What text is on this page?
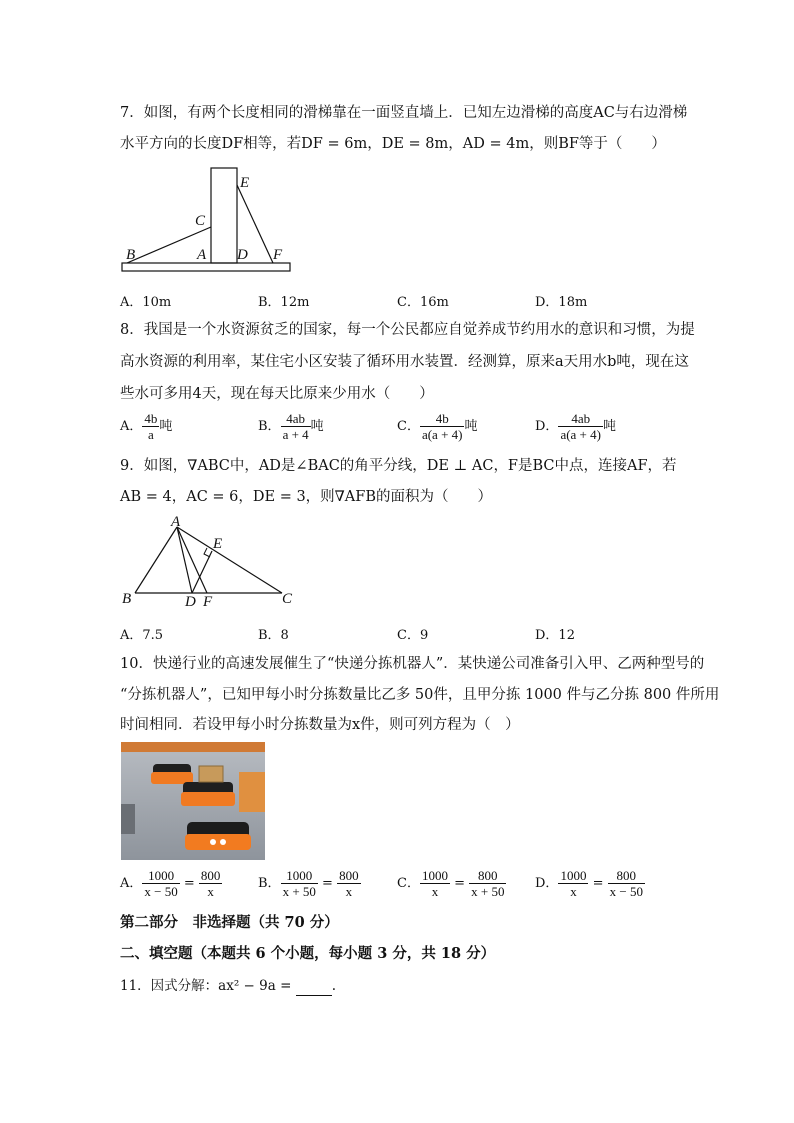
7．如图，有两个长度相同的滑梯靠在一面竖直墙上．已知左边滑梯的高度AC与右边滑梯
水平方向的长度DF相等，若DF = 6m，DE = 8m，AD = 4m，则BF等于（　　）
E
C
B	A D F
A．10m	B．12m	C．16m	D．18m
8．我国是一个水资源贫乏的国家，每一个公民都应自觉养成节约用水的意识和习惯，为提
高水资源的利用率，某住宅小区安装了循环用水装置．经测算，原来a天用水b吨，现在这
些水可多用4天，现在每天比原来少用水（　　）
A． $\frac{4b}{a}$ 吨	B． $\frac{4ab}{a + 4}$ 吨	C． $\frac{4b}{a(a + 4)}$ 吨	D． $\frac{4ab}{a(a + 4)}$ 吨
9．如图，∇ABC中，AD是∠BAC的角平分线，DE ⊥ AC，F是BC中点，连接AF，若
AB = 4，AC = 6，DE = 3，则∇AFB的面积为（　　）
A
E
B	D F	C
A．7.5	B．8	C．9	D．12
10．快递行业的高速发展催生了“快递分拣机器人”．某快递公司准备引入甲、乙两种型号的
“分拣机器人”，已知甲每小时分拣数量比乙多 50件，且甲分拣 1000 件与乙分拣 800 件所用
时间相同．若设甲每小时分拣数量为x件，则可列方程为（　）
A． $\frac{1000}{x - 50} = \frac{800}{x}$	B． $\frac{1000}{x + 50} = \frac{800}{x}$	C． $\frac{1000}{x} = \frac{800}{x + 50}$ D． $\frac{1000}{x} = \frac{800}{x - 50}$
第二部分　非选择题（共 70 分）
二、填空题（本题共 6 个小题，每小题 3 分，共 18 分）
11．因式分解：ax² − 9a =	.
